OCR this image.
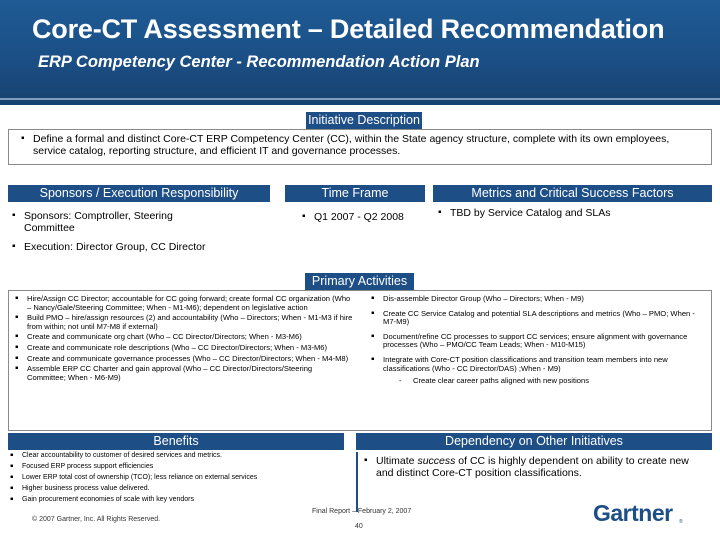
Core-CT Assessment – Detailed Recommendation
ERP Competency Center - Recommendation Action Plan
Initiative Description
▪ Define a formal and distinct Core-CT ERP Competency Center (CC), within the State agency structure, complete with its own employees, service catalog, reporting structure, and efficient IT and governance processes.
Sponsors / Execution Responsibility	Time Frame	Metrics and Critical Success Factors
▪ Sponsors: Comptroller, Steering Committee
▪ Execution: Director Group, CC Director
▪ Q1 2007 - Q2 2008
▪	TBD by Service Catalog and SLAs
Primary Activities
▪ Hire/Assign CC Director; accountable for CC going forward; create formal CC organization (Who – Nancy/Gale/Steering Committee; When - M1-M6); dependent on legislative action
▪ Build PMO – hire/assign resources (2) and accountability (Who – Directors; When - M1-M3 if hire from within; not until M7-M8 if external)
▪ Create and communicate org chart (Who – CC Director/Directors; When - M3-M6)
▪ Create and communicate role descriptions (Who – CC Director/Directors; When - M3-M6)
▪ Create and communicate governance processes (Who – CC Director/Directors; When - M4-M8)
▪ Assemble ERP CC Charter and gain approval (Who – CC Director/Directors/Steering Committee; When - M6-M9)
▪ Dis-assemble Director Group (Who – Directors; When - M9)
▪ Create CC Service Catalog and potential SLA descriptions and metrics (Who – PMO; When - M7-M9)
▪ Document/refine CC processes to support CC services; ensure alignment with governance processes (Who – PMO/CC Team Leads; When - M10-M15)
▪ Integrate with Core-CT position classifications and transition team members into new classifications (Who - CC Director/DAS) ;When - M9)
- Create clear career paths aligned with new positions
Benefits
▪ Clear accountability to customer of desired services and metrics.
▪ Focused ERP process support efficiencies
▪ Lower ERP total cost of ownership (TCO); less reliance on external services
▪ Higher business process value delivered.
▪ Gain procurement economies of scale with key vendors
Dependency on Other Initiatives
▪ Ultimate success of CC is highly dependent on ability to create new and distinct Core-CT position classifications.
© 2007 Gartner, Inc. All Rights Reserved.
Final Report – February 2, 2007
40
Gartner ®
